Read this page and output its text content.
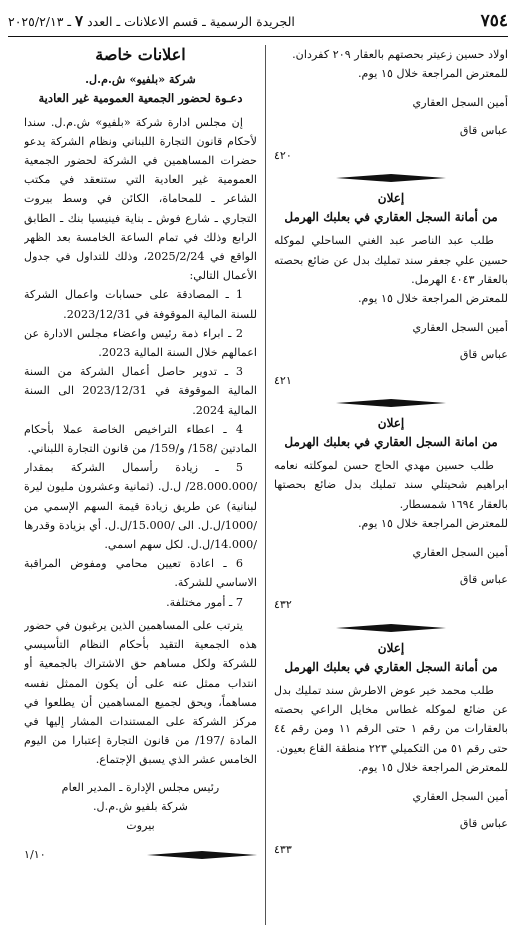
٧٥٤
الجريدة الرسمية ـ قسم الاعلانات ـ العدد ٧ ـ ٢٠٢٥/٢/١٣

اولاد حسين زعيتر بحصتهم بالعقار ٢٠٩ كفردان.

للمعترض المراجعة خلال ١٥ يوم.

أمين السجل العقاري

عباس قاق

٤٢٠

إعلان

من أمانة السجل العقاري في بعلبك الهرمل

طلب عبد الناصر عبد الغني الساحلي لموكله حسين علي جعفر سند تمليك بدل عن ضائع بحصته بالعقار ٤٠٤٣ الهرمل.

للمعترض المراجعة خلال ١٥ يوم.

أمين السجل العقاري

عباس قاق

٤٢١

إعلان

من امانة السجل العقاري في بعلبك الهرمل

طلب حسين مهدي الحاج حسن لموكلته نعامه ابراهيم شحيتلي سند تمليك بدل ضائع بحصتها بالعقار ١٦٩٤ شمسطار.

للمعترض المراجعة خلال ١٥ يوم.

أمين السجل العقاري

عباس قاق

٤٣٢

إعلان

من أمانة السجل العقاري في بعلبك الهرمل

طلب محمد خير عوض الاطرش سند تمليك بدل عن ضائع لموكله غطاس مخايل الراعي بحصته بالعقارات من رقم ١ حتى الرقم ١١ ومن رقم ٤٤ حتى رقم ٥١ من التكميلي ٢٢٣ منطقة القاع بعيون.

للمعترض المراجعة خلال ١٥ يوم.

أمين السجل العقاري

عباس قاق

٤٣٣

اعلانات خاصة

شركة «بلفيو» ش.م.ل.

دعـوة لحضور الجمعية العمومية غير العادية

إن مجلس ادارة شركة «بلفيو» ش.م.ل. سندا لأحكام قانون التجارة اللبناني ونظام الشركة يدعو حضرات المساهمين في الشركة لحضور الجمعية العمومية غير العادية التي ستنعقد في مكتب الشاعر ـ للمحاماة، الكائن في وسط بيروت التجاري ـ شارع فوش ـ بناية فينيسيا بنك ـ الطابق الرابع وذلك في تمام الساعة الخامسة بعد الظهر الواقع في 2025/2/24، وذلك للتداول في جدول الأعمال التالي:

1 ـ المصادقة على حسابات واعمال الشركة للسنة المالية الموقوفة في 2023/12/31.

2 ـ ابراء ذمة رئيس واعضاء مجلس الادارة عن اعمالهم خلال السنة المالية 2023.

3 ـ تدوير حاصل أعمال الشركة من السنة المالية الموقوفة في 2023/12/31 الى السنة المالية 2024.

4 ـ اعطاء التراخيص الخاصة عملا بأحكام المادتين /158/ و/159/ من قانون التجارة اللبناني.

5 ـ زيادة رأسمال الشركة بمقدار /28.000.000/ ل.ل. (ثمانية وعشرون مليون ليرة لبنانية) عن طريق زيادة قيمة السهم الإسمي من /1000/ل.ل. الى /15.000/ل.ل. أي بزيادة وقدرها /14.000/ل.ل. لكل سهم اسمي.

6 ـ اعادة تعيين محامي ومفوض المراقبة الاساسي للشركة.

7 ـ أمور مختلفة.

يترتب على المساهمين الذين يرغبون في حضور هذه الجمعية التقيد بأحكام النظام التأسيسي للشركة ولكل مساهم حق الاشتراك بالجمعية أو انتداب ممثل عنه على أن يكون الممثل نفسه مساهماً، ويحق لجميع المساهمين أن يطلعوا في مركز الشركة على المستندات المشار إليها في المادة /197/ من قانون التجارة إعتبارا من اليوم الخامس عشر الذي يسبق الإجتماع.

رئيس مجلس الإدارة ـ المدير العام

شركة بلفيو ش.م.ل.

بيروت

١/١٠
